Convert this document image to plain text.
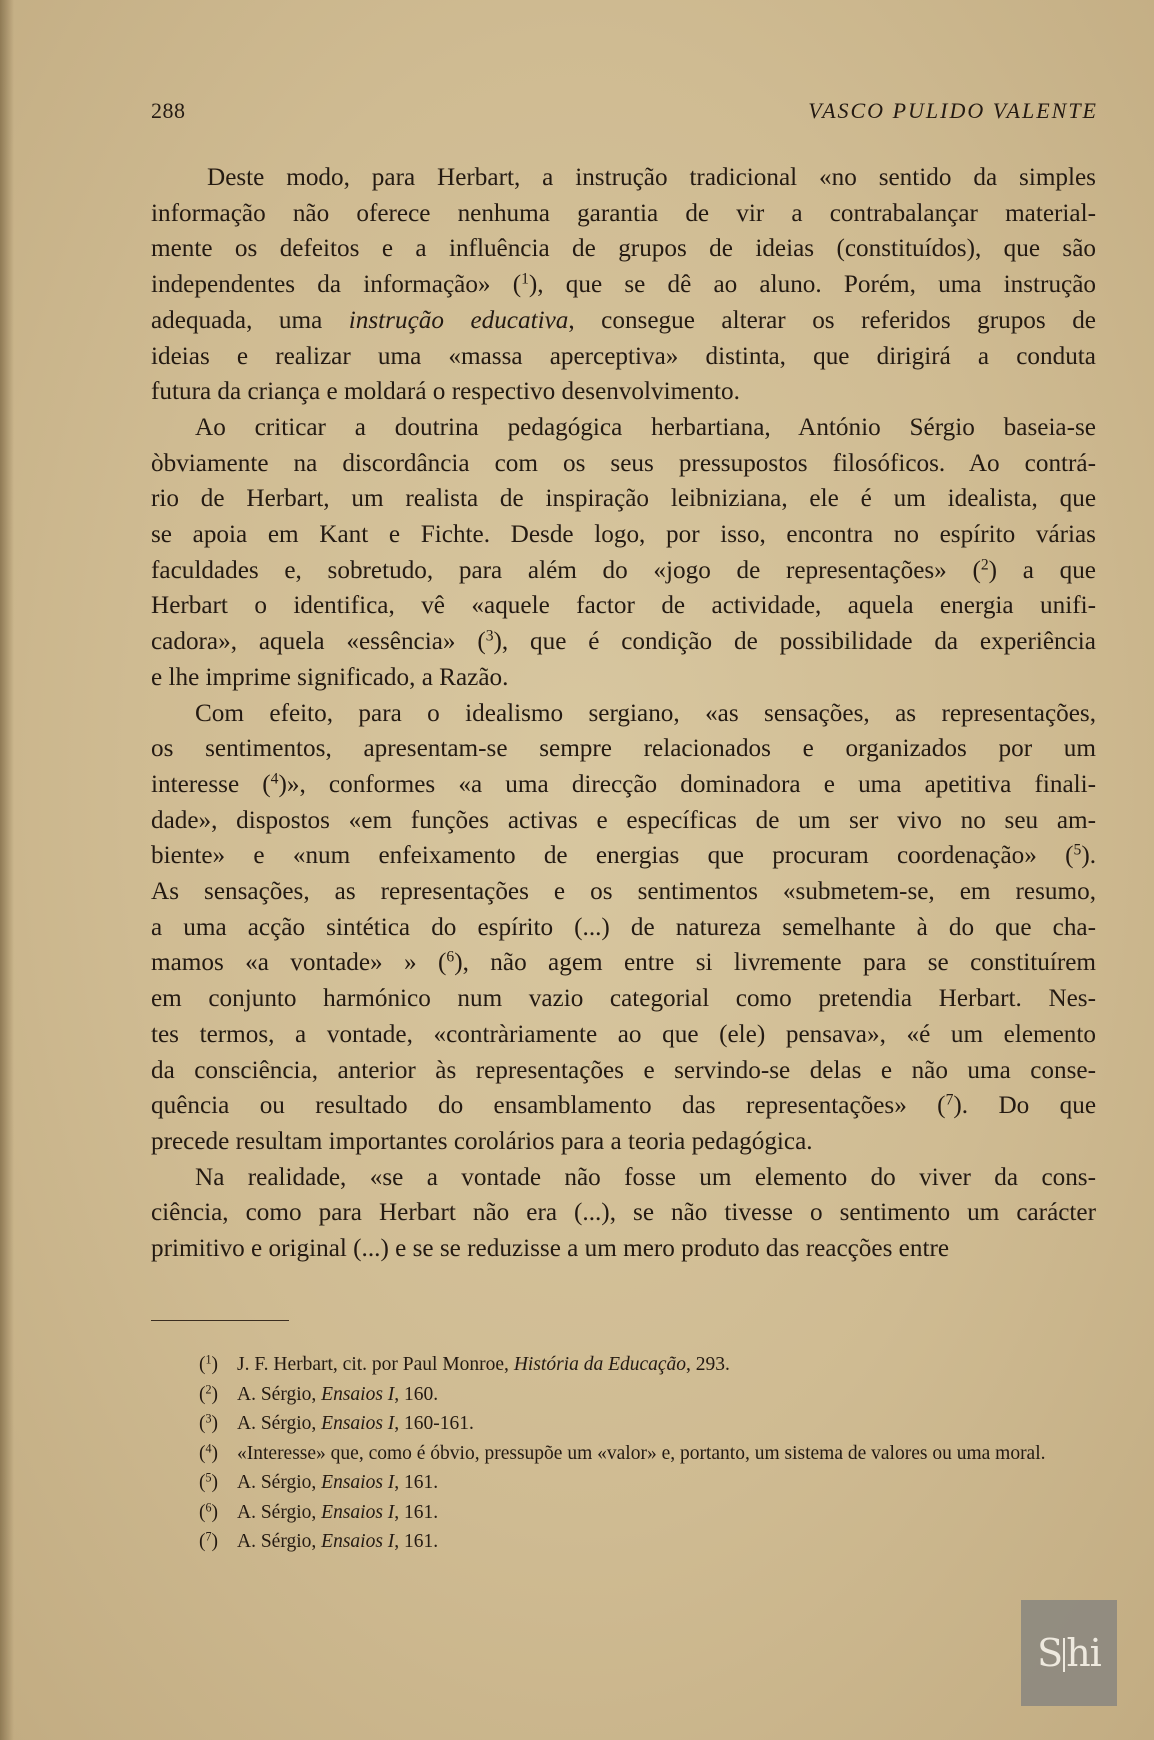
288	VASCO PULIDO VALENTE

Deste modo, para Herbart, a instrução tradicional «no sentido da simples
informação não oferece nenhuma garantia de vir a contrabalançar material-
mente os defeitos e a influência de grupos de ideias (constituídos), que são
independentes da informação» ($^1$), que se dê ao aluno. Porém, uma instrução
adequada, uma instrução educativa, consegue alterar os referidos grupos de
ideias e realizar uma «massa aperceptiva» distinta, que dirigirá a conduta
futura da criança e moldará o respectivo desenvolvimento.

Ao criticar a doutrina pedagógica herbartiana, António Sérgio baseia-se
òbviamente na discordância com os seus pressupostos filosóficos. Ao contrá-
rio de Herbart, um realista de inspiração leibniziana, ele é um idealista, que
se apoia em Kant e Fichte. Desde logo, por isso, encontra no espírito várias
faculdades e, sobretudo, para além do «jogo de representações» ($^2$) a que
Herbart o identifica, vê «aquele factor de actividade, aquela energia unifi-
cadora», aquela «essência» ($^3$), que é condição de possibilidade da experiência
e lhe imprime significado, a Razão.

Com efeito, para o idealismo sergiano, «as sensações, as representações,
os sentimentos, apresentam-se sempre relacionados e organizados por um
interesse ($^4$)», conformes «a uma direcção dominadora e uma apetitiva finali-
dade», dispostos «em funções activas e específicas de um ser vivo no seu am-
biente» e «num enfeixamento de energias que procuram coordenação» ($^5$).
As sensações, as representações e os sentimentos «submetem-se, em resumo,
a uma acção sintética do espírito (...) de natureza semelhante à do que cha-
mamos «a vontade» » ($^6$), não agem entre si livremente para se constituírem
em conjunto harmónico num vazio categorial como pretendia Herbart. Nes-
tes termos, a vontade, «contràriamente ao que (ele) pensava», «é um elemento
da consciência, anterior às representações e servindo-se delas e não uma conse-
quência ou resultado do ensamblamento das representações» ($^7$). Do que
precede resultam importantes corolários para a teoria pedagógica.

Na realidade, «se a vontade não fosse um elemento do viver da cons-
ciência, como para Herbart não era (...), se não tivesse o sentimento um carácter
primitivo e original (...) e se se reduzisse a um mero produto das reacções entre

($^1$) J. F. Herbart, cit. por Paul Monroe, História da Educação, 293.

($^2$) A. Sérgio, Ensaios I, 160.

($^3$) A. Sérgio, Ensaios I, 160-161.

($^4$) «Interesse» que, como é óbvio, pressupõe um «valor» e, portanto, um sistema de valores ou uma moral.

($^5$) A. Sérgio, Ensaios I, 161.

($^6$) A. Sérgio, Ensaios I, 161.

($^7$) A. Sérgio, Ensaios I, 161.

S hi
